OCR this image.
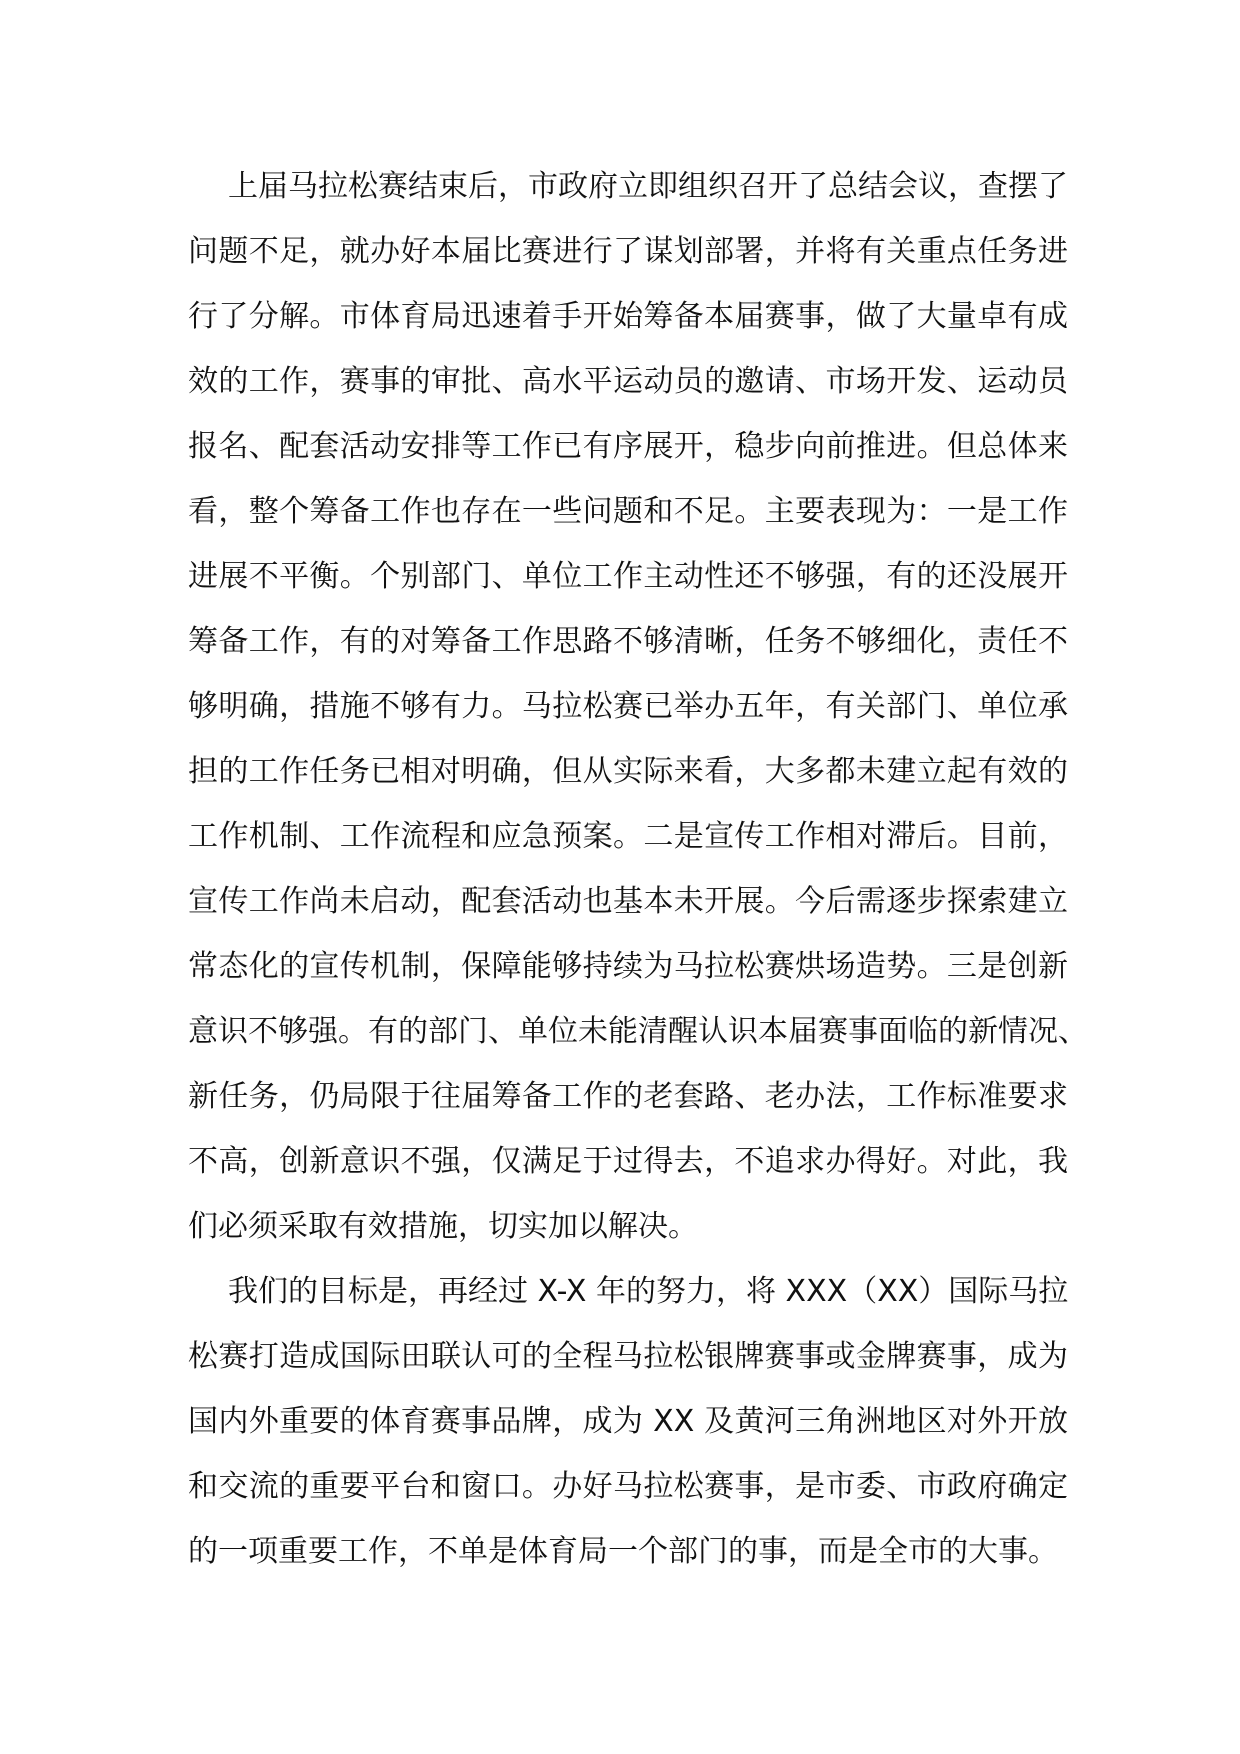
上届马拉松赛结束后，市政府立即组织召开了总结会议，查摆了
问题不足，就办好本届比赛进行了谋划部署，并将有关重点任务进
行了分解。市体育局迅速着手开始筹备本届赛事，做了大量卓有成
效的工作，赛事的审批、高水平运动员的邀请、市场开发、运动员
报名、配套活动安排等工作已有序展开，稳步向前推进。但总体来
看，整个筹备工作也存在一些问题和不足。主要表现为：一是工作
进展不平衡。个别部门、单位工作主动性还不够强，有的还没展开
筹备工作，有的对筹备工作思路不够清晰，任务不够细化，责任不
够明确，措施不够有力。马拉松赛已举办五年，有关部门、单位承
担的工作任务已相对明确，但从实际来看，大多都未建立起有效的
工作机制、工作流程和应急预案。二是宣传工作相对滞后。目前，
宣传工作尚未启动，配套活动也基本未开展。今后需逐步探索建立
常态化的宣传机制，保障能够持续为马拉松赛烘场造势。三是创新
意识不够强。有的部门、单位未能清醒认识本届赛事面临的新情况、
新任务，仍局限于往届筹备工作的老套路、老办法，工作标准要求
不高，创新意识不强，仅满足于过得去，不追求办得好。对此，我
们必须采取有效措施，切实加以解决。
我们的目标是，再经过 X-X 年的努力，将 XXX（XX）国际马拉
松赛打造成国际田联认可的全程马拉松银牌赛事或金牌赛事，成为
国内外重要的体育赛事品牌，成为 XX 及黄河三角洲地区对外开放
和交流的重要平台和窗口。办好马拉松赛事，是市委、市政府确定
的一项重要工作，不单是体育局一个部门的事，而是全市的大事。
